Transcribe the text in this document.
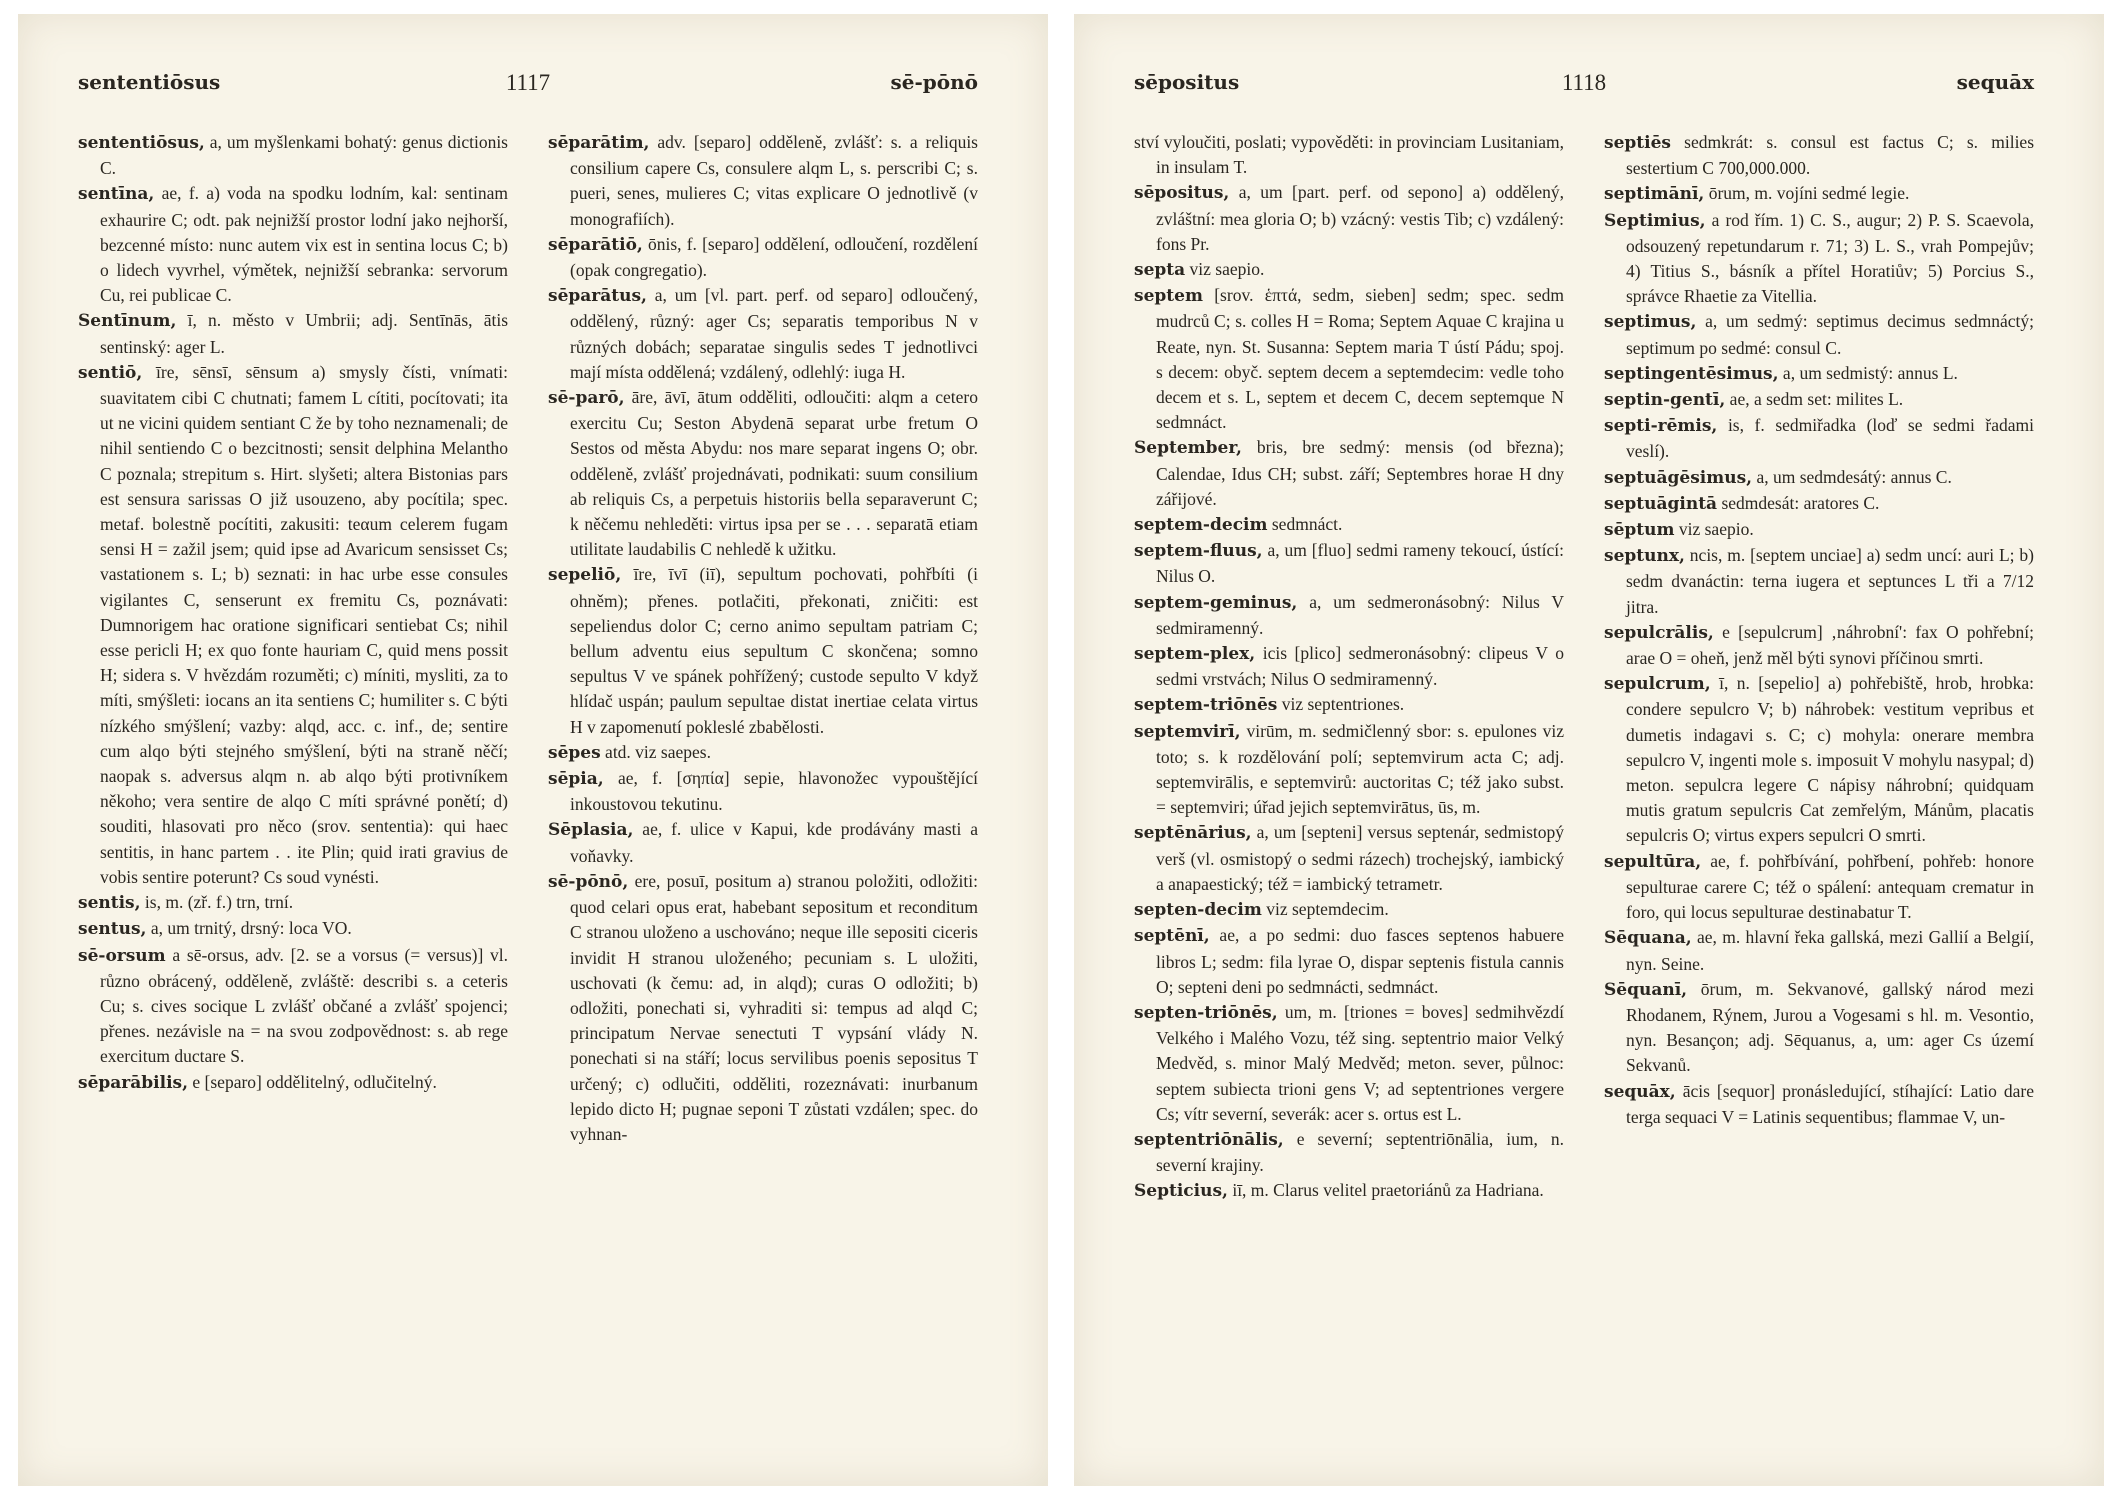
sententiōsus	1117	sē-pōnō

sententiōsus, a, um myšlenkami bohatý: genus dictionis C.

sentīna, ae, f. a) voda na spodku lodním, kal: sentinam exhaurire C; odt. pak nejnižší prostor lodní jako nejhorší, bezcenné místo: nunc autem vix est in sentina locus C; b) o lidech vyvrhel, výmětek, nejnižší sebranka: servorum Cu, rei publicae C.

Sentīnum, ī, n. město v Umbrii; adj. Sentīnās, ātis sentinský: ager L.

sentiō, īre, sēnsī, sēnsum a) smysly čísti, vnímati: suavitatem cibi C chutnati; famem L cítiti, pocítovati; ita ut ne vicini quidem sentiant C že by toho neznamenali; de nihil sentiendo C o bezcitnosti; sensit delphina Melantho C poznala; strepitum s. Hirt. slyšeti; altera Bistonias pars est sensura sarissas O již usouzeno, aby pocítila; spec. metaf. bolestně pocítiti, zakusiti: teαum celerem fugam sensi H = zažil jsem; quid ipse ad Avaricum sensisset Cs; vastationem s. L; b) seznati: in hac urbe esse consules vigilantes C, senserunt ex fremitu Cs, poznávati: Dumnorigem hac oratione significari sentiebat Cs; nihil esse pericli H; ex quo fonte hauriam C, quid mens possit H; sidera s. V hvězdám rozuměti; c) míniti, mysliti, za to míti, smýšleti: iocans an ita sentiens C; humiliter s. C býti nízkého smýšlení; vazby: alqd, acc. c. inf., de; sentire cum alqo býti stejného smýšlení, býti na straně něčí; naopak s. adversus alqm n. ab alqo býti protivníkem někoho; vera sentire de alqo C míti správné ponětí; d) souditi, hlasovati pro něco (srov. sententia): qui haec sentitis, in hanc partem . . ite Plin; quid irati gravius de vobis sentire poterunt? Cs soud vynésti.

sentis, is, m. (zř. f.) trn, trní.

sentus, a, um trnitý, drsný: loca VO.

sē-orsum a sē-orsus, adv. [2. se a vorsus (= versus)] vl. různo obrácený, odděleně, zvláště: describi s. a ceteris Cu; s. cives socique L zvlášť občané a zvlášť spojenci; přenes. nezávisle na = na svou zodpovědnost: s. ab rege exercitum ductare S.

sēparābilis, e [separo] oddělitelný, odlučitelný.

sēparātim, adv. [separo] odděleně, zvlášť: s. a reliquis consilium capere Cs, consulere alqm L, s. perscribi C; s. pueri, senes, mulieres C; vitas explicare O jednotlivě (v monografiích).

sēparātiō, ōnis, f. [separo] oddělení, odloučení, rozdělení (opak congregatio).

sēparātus, a, um [vl. part. perf. od separo] odloučený, oddělený, různý: ager Cs; separatis temporibus N v různých dobách; separatae singulis sedes T jednotlivci mají místa oddělená; vzdálený, odlehlý: iuga H.

sē-parō, āre, āvī, ātum odděliti, odloučiti: alqm a cetero exercitu Cu; Seston Abydenā separat urbe fretum O Sestos od města Abydu: nos mare separat ingens O; obr. odděleně, zvlášť projednávati, podnikati: suum consilium ab reliquis Cs, a perpetuis historiis bella separaverunt C; k něčemu nehleděti: virtus ipsa per se . . . separatā etiam utilitate laudabilis C nehledě k užitku.

sepeliō, īre, īvī (iī), sepultum pochovati, pohřbíti (i ohněm); přenes. potlačiti, překonati, zničiti: est sepeliendus dolor C; cerno animo sepultam patriam C; bellum adventu eius sepultum C skončena; somno sepultus V ve spánek pohřížený; custode sepulto V když hlídač uspán; paulum sepultae distat inertiae celata virtus H v zapomenutí pokleslé zbabělosti.

sēpes atd. viz saepes.

sēpia, ae, f. [σηπία] sepie, hlavonožec vypouštějící inkoustovou tekutinu.

Sēplasia, ae, f. ulice v Kapui, kde prodávány masti a voňavky.

sē-pōnō, ere, posuī, positum a) stranou položiti, odložiti: quod celari opus erat, habebant sepositum et reconditum C stranou uloženo a uschováno; neque ille sepositi ciceris invidit H stranou uloženého; pecuniam s. L uložiti, uschovati (k čemu: ad, in alqd); curas O odložiti; b) odložiti, ponechati si, vyhraditi si: tempus ad alqd C; principatum Nervae senectuti T vypsání vlády N. ponechati si na stáří; locus servilibus poenis sepositus T určený; c) odlučiti, odděliti, rozeznávati: inurbanum lepido dicto H; pugnae seponi T zůstati vzdálen; spec. do vyhnan-

sēpositus	1118	sequāx

ství vyloučiti, poslati; vypověděti: in provinciam Lusitaniam, in insulam T.

sēpositus, a, um [part. perf. od sepono] a) oddělený, zvláštní: mea gloria O; b) vzácný: vestis Tib; c) vzdálený: fons Pr.

septa viz saepio.

septem [srov. ἑπτά, sedm, sieben] sedm; spec. sedm mudrců C; s. colles H = Roma; Septem Aquae C krajina u Reate, nyn. St. Susanna: Septem maria T ústí Pádu; spoj. s decem: obyč. septem decem a septemdecim: vedle toho decem et s. L, septem et decem C, decem septemque N sedmnáct.

September, bris, bre sedmý: mensis (od března); Calendae, Idus CH; subst. září; Septembres horae H dny zářijové.

septem-decim sedmnáct.

septem-fluus, a, um [fluo] sedmi rameny tekoucí, ústící: Nilus O.

septem-geminus, a, um sedmeronásobný: Nilus V sedmiramenný.

septem-plex, icis [plico] sedmeronásobný: clipeus V o sedmi vrstvách; Nilus O sedmiramenný.

septem-triōnēs viz septentriones.

septemvirī, virūm, m. sedmičlenný sbor: s. epulones viz toto; s. k rozdělování polí; septemvirum acta C; adj. septemvirālis, e septemvirů: auctoritas C; též jako subst. = septemviri; úřad jejich septemvirātus, ūs, m.

septēnārius, a, um [septeni] versus septenár, sedmistopý verš (vl. osmistopý o sedmi rázech) trochejský, iambický a anapaestický; též = iambický tetrametr.

septen-decim viz septemdecim.

septēnī, ae, a po sedmi: duo fasces septenos habuere libros L; sedm: fila lyrae O, dispar septenis fistula cannis O; septeni deni po sedmnácti, sedmnáct.

septen-triōnēs, um, m. [triones = boves] sedmihvězdí Velkého i Malého Vozu, též sing. septentrio maior Velký Medvěd, s. minor Malý Medvěd; meton. sever, půlnoc: septem subiecta trioni gens V; ad septentriones vergere Cs; vítr severní, severák: acer s. ortus est L.

septentriōnālis, e severní; septentriōnālia, ium, n. severní krajiny.

Septicius, iī, m. Clarus velitel praetoriánů za Hadriana.

septiēs sedmkrát: s. consul est factus C; s. milies sestertium C 700,000.000.

septimānī, ōrum, m. vojíni sedmé legie.

Septimius, a rod řím. 1) C. S., augur; 2) P. S. Scaevola, odsouzený repetundarum r. 71; 3) L. S., vrah Pompejův; 4) Titius S., básník a přítel Horatiův; 5) Porcius S., správce Rhaetie za Vitellia.

septimus, a, um sedmý: septimus decimus sedmnáctý; septimum po sedmé: consul C.

septingentēsimus, a, um sedmistý: annus L.

septin-gentī, ae, a sedm set: milites L.

septi-rēmis, is, f. sedmiřadka (loď se sedmi řadami veslí).

septuāgēsimus, a, um sedmdesátý: annus C.

septuāgintā sedmdesát: aratores C.

sēptum viz saepio.

septunx, ncis, m. [septem unciae] a) sedm uncí: auri L; b) sedm dvanáctin: terna iugera et septunces L tři a 7/12 jitra.

sepulcrālis, e [sepulcrum] ‚náhrobní': fax O pohřební; arae O = oheň, jenž měl býti synovi příčinou smrti.

sepulcrum, ī, n. [sepelio] a) pohřebiště, hrob, hrobka: condere sepulcro V; b) náhrobek: vestitum vepribus et dumetis indagavi s. C; c) mohyla: onerare membra sepulcro V, ingenti mole s. imposuit V mohylu nasypal; d) meton. sepulcra legere C nápisy náhrobní; quidquam mutis gratum sepulcris Cat zemřelým, Mánům, placatis sepulcris O; virtus expers sepulcri O smrti.

sepultūra, ae, f. pohřbívání, pohřbení, pohřeb: honore sepulturae carere C; též o spálení: antequam crematur in foro, qui locus sepulturae destinabatur T.

Sēquana, ae, m. hlavní řeka gallská, mezi Gallií a Belgií, nyn. Seine.

Sēquanī, ōrum, m. Sekvanové, gallský národ mezi Rhodanem, Rýnem, Jurou a Vogesami s hl. m. Vesontio, nyn. Besançon; adj. Sēquanus, a, um: ager Cs území Sekvanů.

sequāx, ācis [sequor] pronásledující, stíhající: Latio dare terga sequaci V = Latinis sequentibus; flammae V, un-
